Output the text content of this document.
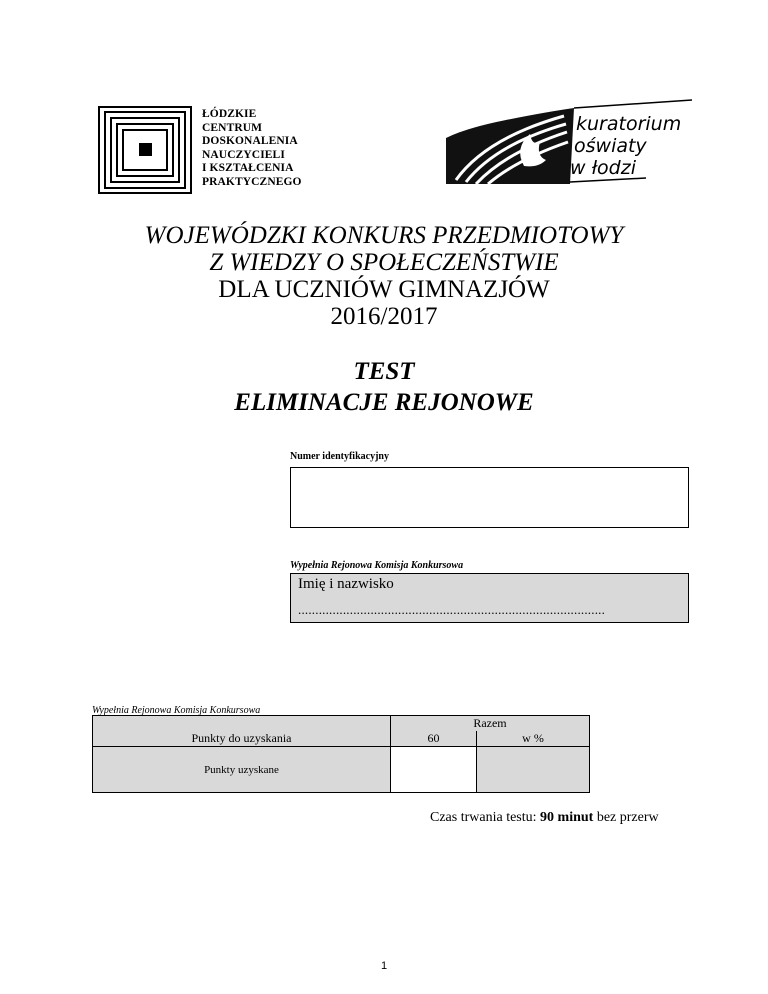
ŁÓDZKIE
CENTRUM
DOSKONALENIA
NAUCZYCIELI
I KSZTAŁCENIA
PRAKTYCZNEGO
kuratorium
oświaty
w łodzi
WOJEWÓDZKI KONKURS PRZEDMIOTOWY
Z WIEDZY O SPOŁECZEŃSTWIE
DLA UCZNIÓW GIMNAZJÓW
2016/2017
TEST
ELIMINACJE REJONOWE
Numer identyfikacyjny
Wypełnia Rejonowa Komisja Konkursowa
Imię i nazwisko
.........................................................................................
Wypełnia Rejonowa Komisja Konkursowa
	Razem	
Punkty do uzyskania	60	w %
Punkty uzyskane		
Czas trwania testu: 90 minut bez przerw
1
